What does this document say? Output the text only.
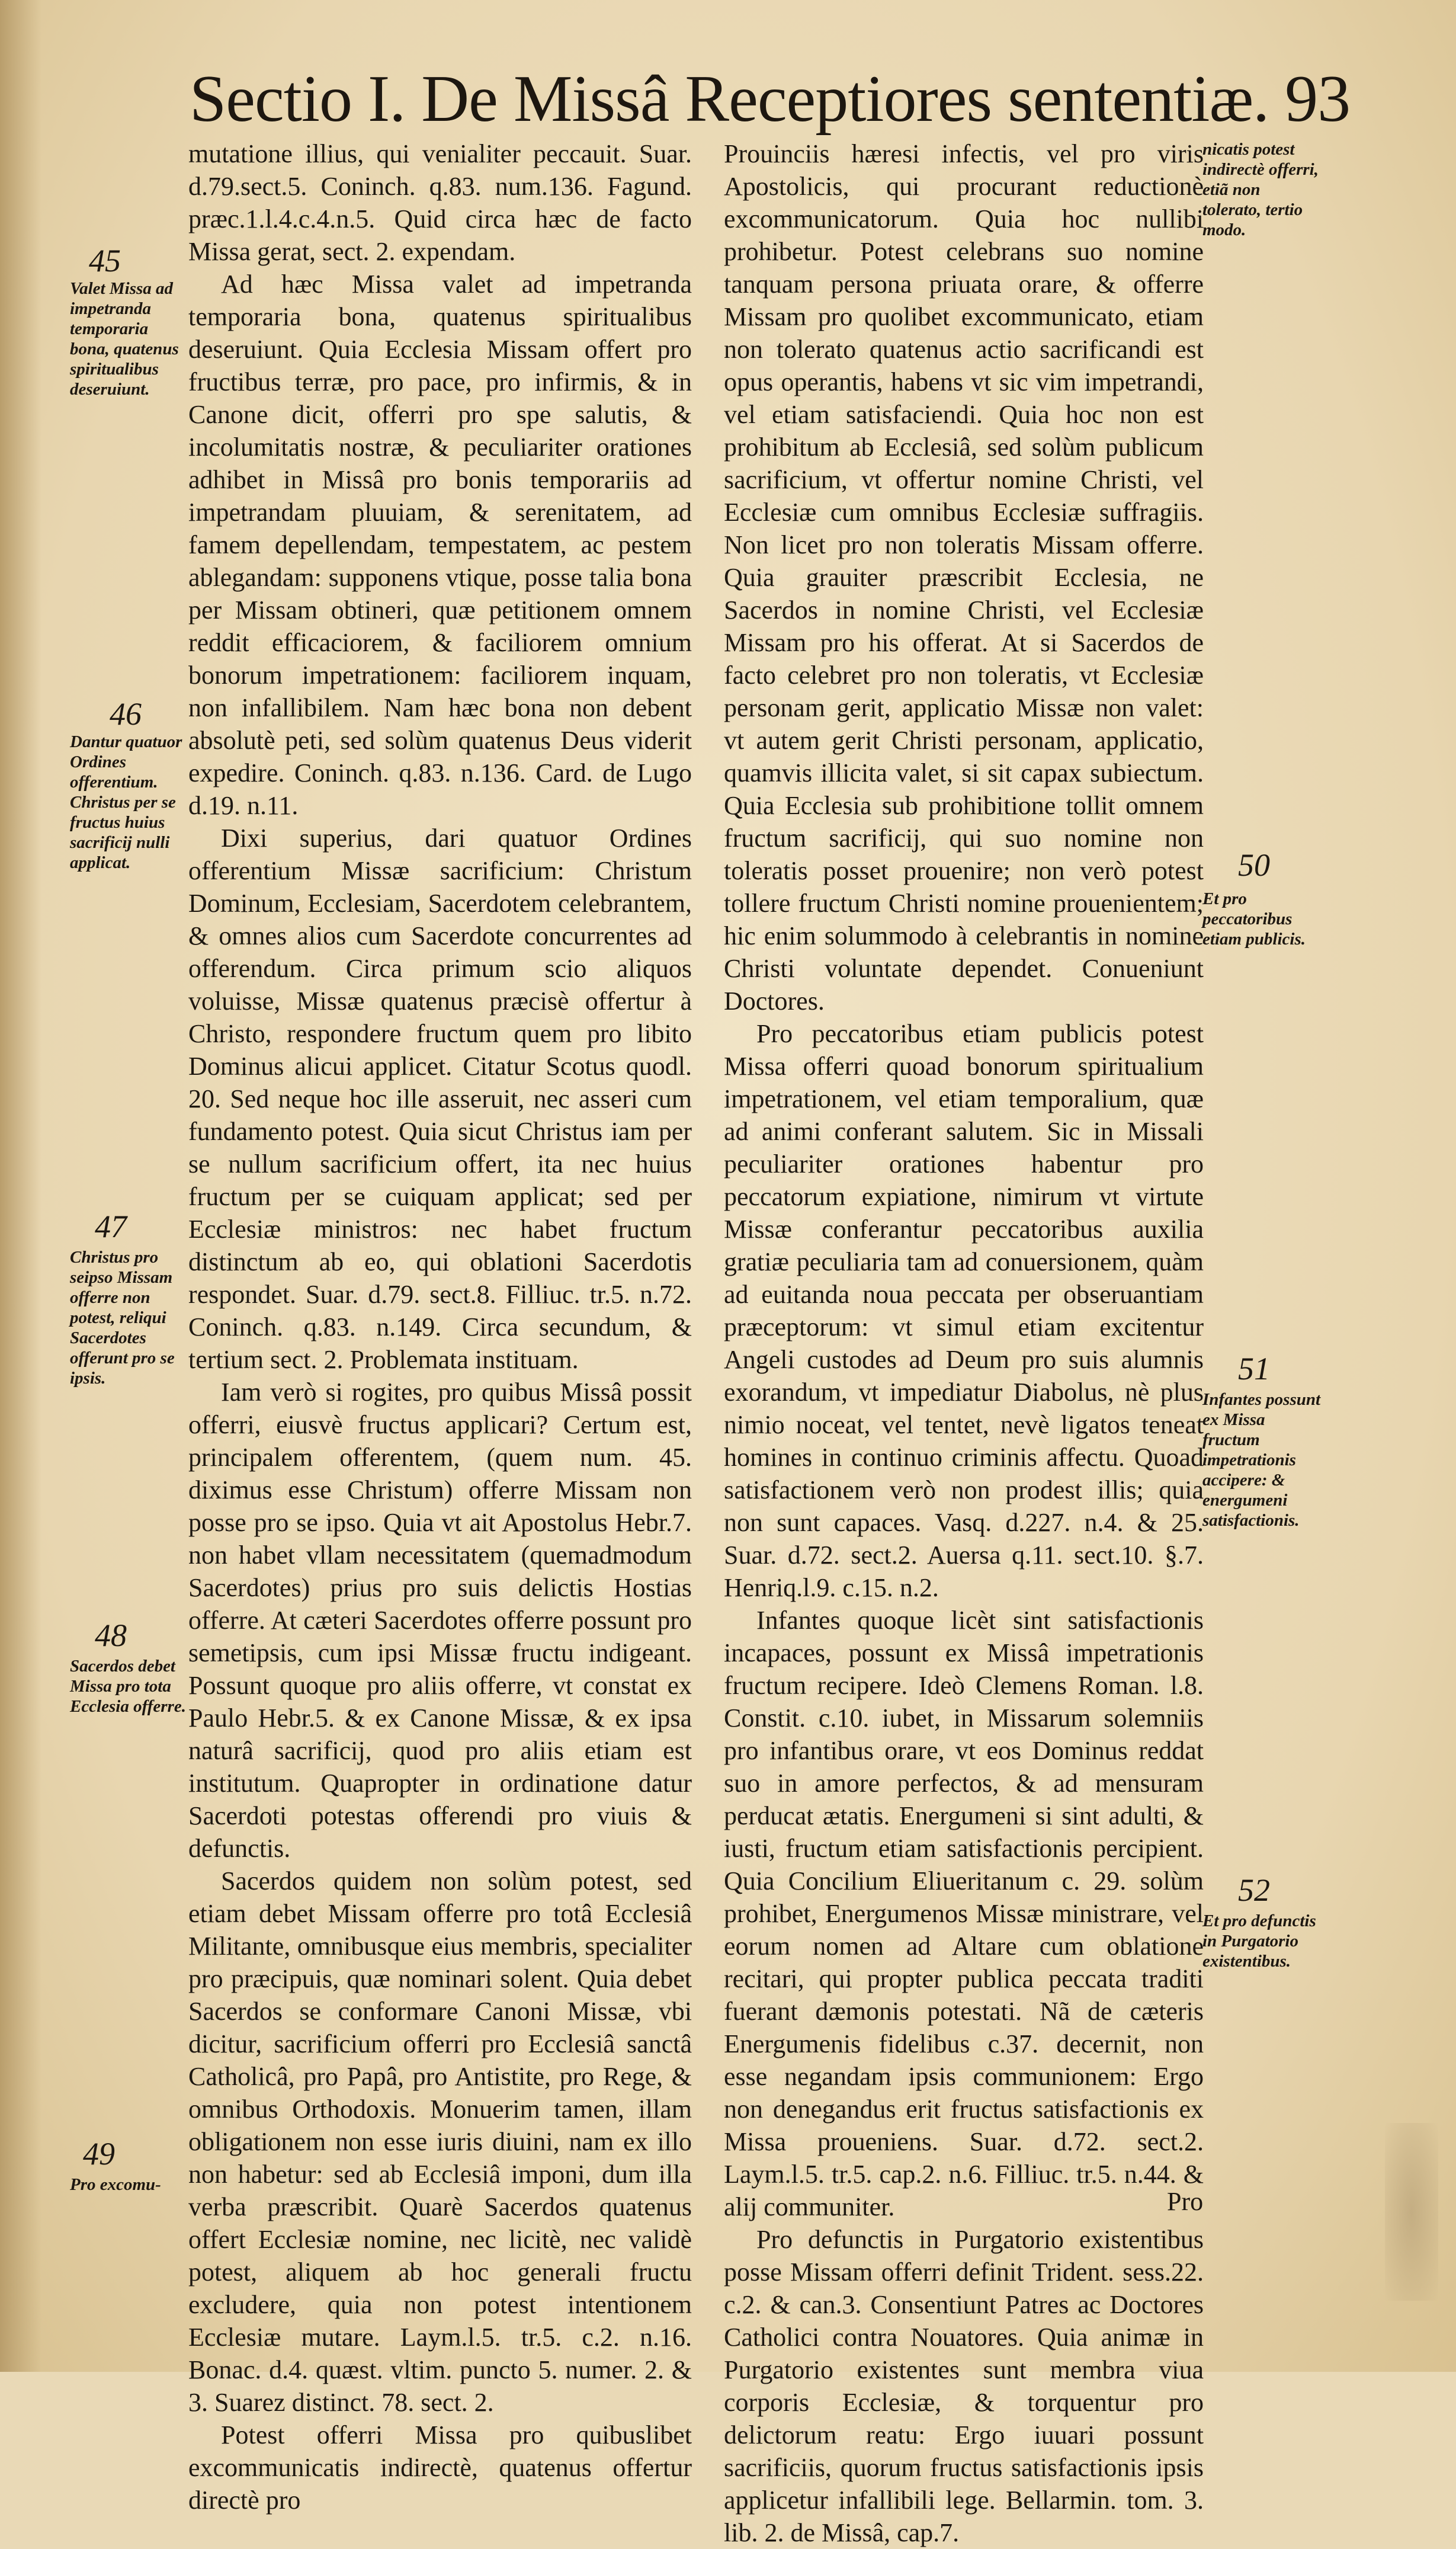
Sectio I. De Missâ Receptiores sententiæ. 93

mutatione illius, qui venialiter peccauit. Suar. d.79.sect.5. Coninch. q.83. num.136. Fagund. præc.1.l.4.c.4.n.5. Quid circa hæc de facto Missa gerat, sect. 2. expendam.

Ad hæc Missa valet ad impetranda temporaria bona, quatenus spiritualibus deseruiunt. Quia Ecclesia Missam offert pro fructibus terræ, pro pace, pro infirmis, & in Canone dicit, offerri pro spe salutis, & incolumitatis nostræ, & peculiariter orationes adhibet in Missâ pro bonis temporariis ad impetrandam pluuiam, & serenitatem, ad famem depellendam, tempestatem, ac pestem ablegandam: supponens vtique, posse talia bona per Missam obtineri, quæ petitionem omnem reddit efficaciorem, & faciliorem omnium bonorum impetrationem: faciliorem inquam, non infallibilem. Nam hæc bona non debent absolutè peti, sed solùm quatenus Deus viderit expedire. Coninch. q.83. n.136. Card. de Lugo d.19. n.11.

Dixi superius, dari quatuor Ordines offerentium Missæ sacrificium: Christum Dominum, Ecclesiam, Sacerdotem celebrantem, & omnes alios cum Sacerdote concurrentes ad offerendum. Circa primum scio aliquos voluisse, Missæ quatenus præcisè offertur à Christo, respondere fructum quem pro libito Dominus alicui applicet. Citatur Scotus quodl. 20. Sed neque hoc ille asseruit, nec asseri cum fundamento potest. Quia sicut Christus iam per se nullum sacrificium offert, ita nec huius fructum per se cuiquam applicat; sed per Ecclesiæ ministros: nec habet fructum distinctum ab eo, qui oblationi Sacerdotis respondet. Suar. d.79. sect.8. Filliuc. tr.5. n.72. Coninch. q.83. n.149. Circa secundum, & tertium sect. 2. Problemata instituam.

Iam verò si rogites, pro quibus Missâ possit offerri, eiusvè fructus applicari? Certum est, principalem offerentem, (quem num. 45. diximus esse Christum) offerre Missam non posse pro se ipso. Quia vt ait Apostolus Hebr.7. non habet vllam necessitatem (quemadmodum Sacerdotes) prius pro suis delictis Hostias offerre. At cæteri Sacerdotes offerre possunt pro semetipsis, cum ipsi Missæ fructu indigeant. Possunt quoque pro aliis offerre, vt constat ex Paulo Hebr.5. & ex Canone Missæ, & ex ipsa naturâ sacrificij, quod pro aliis etiam est institutum. Quapropter in ordinatione datur Sacerdoti potestas offerendi pro viuis & defunctis.

Sacerdos quidem non solùm potest, sed etiam debet Missam offerre pro totâ Ecclesiâ Militante, omnibusque eius membris, specialiter pro præcipuis, quæ nominari solent. Quia debet Sacerdos se conformare Canoni Missæ, vbi dicitur, sacrificium offerri pro Ecclesiâ sanctâ Catholicâ, pro Papâ, pro Antistite, pro Rege, & omnibus Orthodoxis. Monuerim tamen, illam obligationem non esse iuris diuini, nam ex illo non habetur: sed ab Ecclesiâ imponi, dum illa verba præscribit. Quarè Sacerdos quatenus offert Ecclesiæ nomine, nec licitè, nec validè potest, aliquem ab hoc generali fructu excludere, quia non potest intentionem Ecclesiæ mutare. Laym.l.5. tr.5. c.2. n.16. Bonac. d.4. quæst. vltim. puncto 5. numer. 2. & 3. Suarez distinct. 78. sect. 2.

Potest offerri Missa pro quibuslibet excommunicatis indirectè, quatenus offertur directè pro

Prouinciis hæresi infectis, vel pro viris Apostolicis, qui procurant reductionè excommunicatorum. Quia hoc nullibi prohibetur. Potest celebrans suo nomine tanquam persona priuata orare, & offerre Missam pro quolibet excommunicato, etiam non tolerato quatenus actio sacrificandi est opus operantis, habens vt sic vim impetrandi, vel etiam satisfaciendi. Quia hoc non est prohibitum ab Ecclesiâ, sed solùm publicum sacrificium, vt offertur nomine Christi, vel Ecclesiæ cum omnibus Ecclesiæ suffragiis. Non licet pro non toleratis Missam offerre. Quia grauiter præscribit Ecclesia, ne Sacerdos in nomine Christi, vel Ecclesiæ Missam pro his offerat. At si Sacerdos de facto celebret pro non toleratis, vt Ecclesiæ personam gerit, applicatio Missæ non valet: vt autem gerit Christi personam, applicatio, quamvis illicita valet, si sit capax subiectum. Quia Ecclesia sub prohibitione tollit omnem fructum sacrificij, qui suo nomine non toleratis posset prouenire; non verò potest tollere fructum Christi nomine prouenientem; hic enim solummodo à celebrantis in nomine Christi voluntate dependet. Conueniunt Doctores.

Pro peccatoribus etiam publicis potest Missa offerri quoad bonorum spiritualium impetrationem, vel etiam temporalium, quæ ad animi conferant salutem. Sic in Missali peculiariter orationes habentur pro peccatorum expiatione, nimirum vt virtute Missæ conferantur peccatoribus auxilia gratiæ peculiaria tam ad conuersionem, quàm ad euitanda noua peccata per obseruantiam præceptorum: vt simul etiam excitentur Angeli custodes ad Deum pro suis alumnis exorandum, vt impediatur Diabolus, nè plus nimio noceat, vel tentet, nevè ligatos teneat homines in continuo criminis affectu. Quoad satisfactionem verò non prodest illis; quia non sunt capaces. Vasq. d.227. n.4. & 25. Suar. d.72. sect.2. Auersa q.11. sect.10. §.7. Henriq.l.9. c.15. n.2.

Infantes quoque licèt sint satisfactionis incapaces, possunt ex Missâ impetrationis fructum recipere. Ideò Clemens Roman. l.8. Constit. c.10. iubet, in Missarum solemniis pro infantibus orare, vt eos Dominus reddat suo in amore perfectos, & ad mensuram perducat ætatis. Energumeni si sint adulti, & iusti, fructum etiam satisfactionis percipient. Quia Concilium Eliueritanum c. 29. solùm prohibet, Energumenos Missæ ministrare, vel eorum nomen ad Altare cum oblatione recitari, qui propter publica peccata traditi fuerant dæmonis potestati. Nã de cæteris Energumenis fidelibus c.37. decernit, non esse negandam ipsis communionem: Ergo non denegandus erit fructus satisfactionis ex Missa proueniens. Suar. d.72. sect.2. Laym.l.5. tr.5. cap.2. n.6. Filliuc. tr.5. n.44. & alij communiter.

Pro defunctis in Purgatorio existentibus posse Missam offerri definit Trident. sess.22. c.2. & can.3. Consentiunt Patres ac Doctores Catholici contra Nouatores. Quia animæ in Purgatorio existentes sunt membra viua corporis Ecclesiæ, & torquentur pro delictorum reatu: Ergo iuuari possunt sacrificiis, quorum fructus satisfactionis ipsis applicetur infallibili lege. Bellarmin. tom. 3. lib. 2. de Missâ, cap.7.

45
Valet Missa ad impetranda temporaria bona, quatenus spiritualibus deseruiunt.
46
Dantur quatuor Ordines offerentium. Christus per se fructus huius sacrificij nulli applicat.
47
Christus pro seipso Missam offerre non potest, reliqui Sacerdotes offerunt pro se ipsis.
48
Sacerdos debet Missa pro tota Ecclesia offerre.
49
Pro excomu-
nicatis potest indirectè offerri, etiã non tolerato, tertio modo.
50
Et pro peccatoribus etiam publicis.
51
Infantes possunt ex Missa fructum impetrationis accipere: & energumeni satisfactionis.
52
Et pro defunctis in Purgatorio existentibus.
Pro
